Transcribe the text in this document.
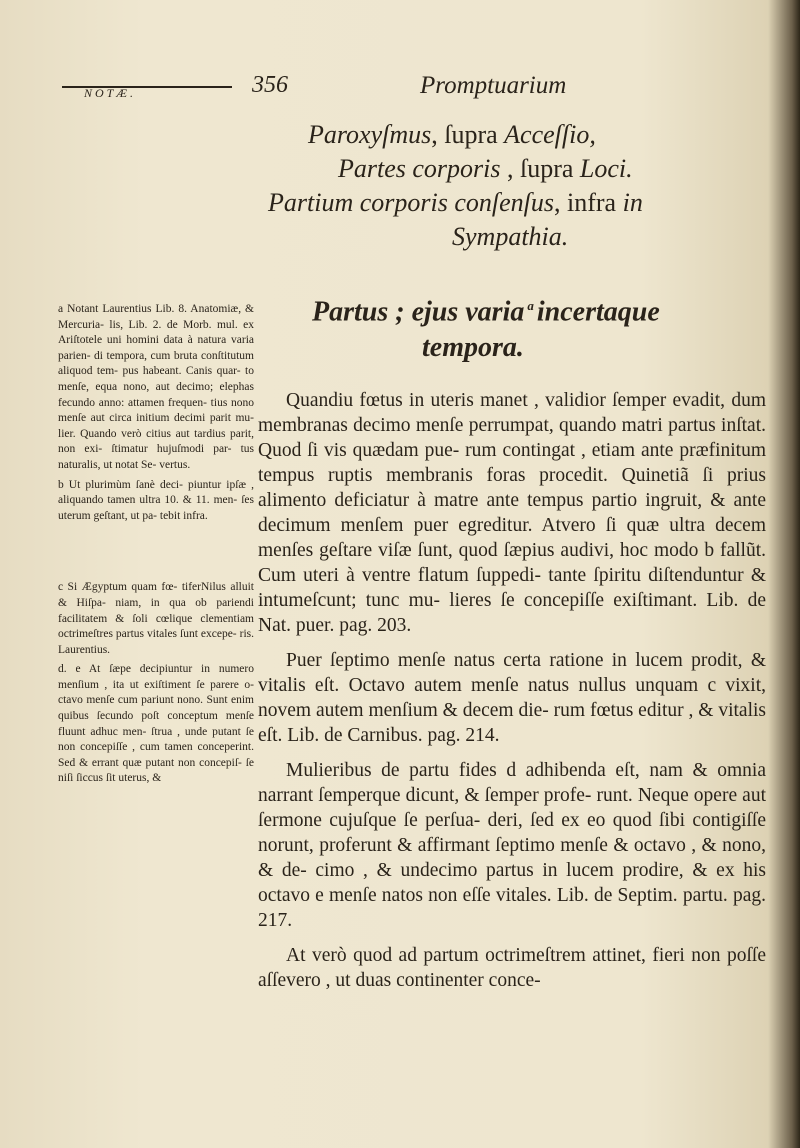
NOTÆ.	356	Promptuarium
Paroxyſmus, ſupra Acceſſio,
Partes corporis , ſupra Loci.
Partium corporis conſenſus, infra in
Sympathia.
Partus ; ejus varia $^a$ incertaque
tempora.

Quandiu fœtus in uteris manet , validior ſemper evadit, dum membranas decimo menſe perrumpat, quando matri partus inſtat. Quod ſi vis quædam pue- rum contingat , etiam ante præfinitum tempus ruptis membranis foras procedit. Quinetiã ſi prius alimento deficiatur à matre ante tempus partio ingruit, & ante decimum menſem puer egreditur. Atvero ſi quæ ultra decem menſes geſtare viſæ ſunt, quod ſæpius audivi, hoc modo b fallũt. Cum uteri à ventre flatum ſuppedi- tante ſpiritu diſtenduntur & intumeſcunt; tunc mu- lieres ſe concepiſſe exiſtimant. Lib. de Nat. puer. pag. 203.

Puer ſeptimo menſe natus certa ratione in lucem prodit, & vitalis eſt. Octavo autem menſe natus nullus unquam c vixit, novem autem menſium & decem die- rum fœtus editur , & vitalis eſt. Lib. de Carnibus. pag. 214.

Mulieribus de partu fides d adhibenda eſt, nam & omnia narrant ſemperque dicunt, & ſemper profe- runt. Neque opere aut ſermone cujuſque ſe perſua- deri, ſed ex eo quod ſibi contigiſſe norunt, proferunt & affirmant ſeptimo menſe & octavo , & nono, & de- cimo , & undecimo partus in lucem prodire, & ex his octavo e menſe natos non eſſe vitales. Lib. de Septim. partu. pag. 217.

At verò quod ad partum octrimeſtrem attinet, fieri non poſſe aſſevero , ut duas continenter conce-

a Notant Laurentius Lib. 8. Anatomiæ, & Mercuria- lis, Lib. 2. de Morb. mul. ex Ariſtotele uni homini data à natura varia parien- di tempora, cum bruta conſtitutum aliquod tem- pus habeant. Canis quar- to menſe, equa nono, aut decimo; elephas fecundo anno: attamen frequen- tius nono menſe aut circa initium decimi parit mu- lier. Quando verò citius aut tardius parit, non exi- ſtimatur hujuſmodi par- tus naturalis, ut notat Se- vertus.

b Ut plurimùm ſanè deci- piuntur ipſæ , aliquando tamen ultra 10. & 11. men- ſes uterum geſtant, ut pa- tebit infra.

c Si Ægyptum quam fœ- tiferNilus alluit & Hiſpa- niam, in qua ob pariendi facilitatem & ſoli cœlique clementiam octrimeſtres partus vitales ſunt excepe- ris. Laurentius.

d. e At ſæpe decipiuntur in numero menſium , ita ut exiſtiment ſe parere o- ctavo menſe cum pariunt nono. Sunt enim quibus ſecundo poſt conceptum menſe fluunt adhuc men- ſtrua , unde putant ſe non concepiſſe , cum tamen conceperint. Sed & errant quæ putant non concepiſ- ſe niſi ſiccus ſit uterus, &
